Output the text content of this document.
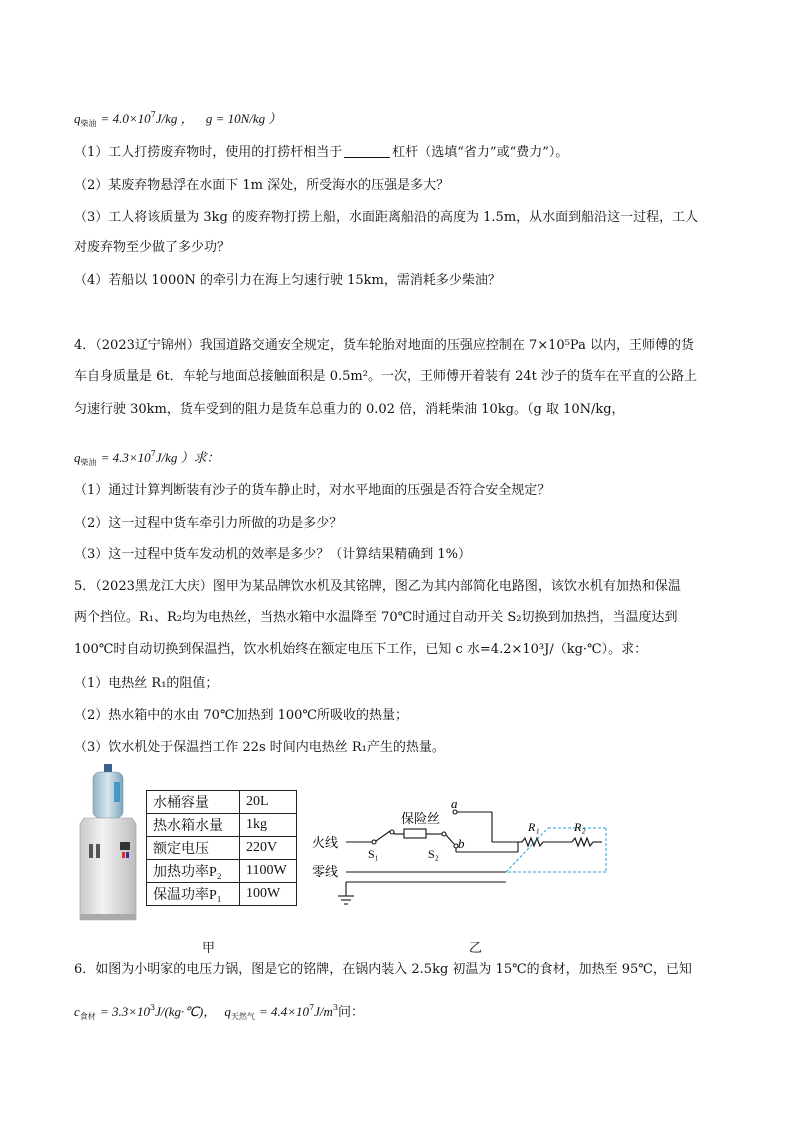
$q_{柴油} = 4.0\times 10^7J/kg$ ， g = 10N/kg ）
（1）工人打捞废弃物时，使用的打捞杆相当于	杠杆（选填“省力”或“费力”）。
（2）某废弃物悬浮在水面下 1m 深处，所受海水的压强是多大？
（3）工人将该质量为 3kg 的废弃物打捞上船，水面距离船沿的高度为 1.5m，从水面到船沿这一过程，工人
对废弃物至少做了多少功？
（4）若船以 1000N 的牵引力在海上匀速行驶 15km，需消耗多少柴油？
4．（2023辽宁锦州）我国道路交通安全规定，货车轮胎对地面的压强应控制在 7×10⁵Pa 以内，王师傅的货
车自身质量是 6t．车轮与地面总接触面积是 0.5m²。一次，王师傅开着装有 24t 沙子的货车在平直的公路上
匀速行驶 30km，货车受到的阻力是货车总重力的 0.02 倍，消耗柴油 10kg。（g 取 10N/kg，
$q_{柴油} = 4.3\times 10^7J/kg$ ）求：
（1）通过计算判断装有沙子的货车静止时，对水平地面的压强是否符合安全规定？
（2）这一过程中货车牵引力所做的功是多少？
（3）这一过程中货车发动机的效率是多少？（计算结果精确到 1%）
5．（2023黑龙江大庆）图甲为某品牌饮水机及其铭牌，图乙为其内部简化电路图，该饮水机有加热和保温
两个挡位。R₁、R₂均为电热丝，当热水箱中水温降至 70℃时通过自动开关 S₂切换到加热挡，当温度达到
100℃时自动切换到保温挡，饮水机始终在额定电压下工作，已知 c 水=4.2×10³J/（kg·℃）。求：
（1）电热丝 R₁的阻值；
（2）热水箱中的水由 70℃加热到 100℃所吸收的热量；
（3）饮水机处于保温挡工作 22s 时间内电热丝 R₁产生的热量。
水桶容量	20L
热水箱水量	1kg
额定电压	220V
加热功率P₂	1100W
保温功率P₁	100W
火线
零线
保险丝
S₁	S₂
a
b
R₁	R₂
甲	乙
6．如图为小明家的电压力锅，图是它的铭牌，在锅内装入 2.5kg 初温为 15℃的食材，加热至 95℃，已知
$c_{食材}$ = $3.3\times 10^3J/(kg\cdot℃)$， $q_{天然气} = 4.4\times 10^7J/m^3$问：
